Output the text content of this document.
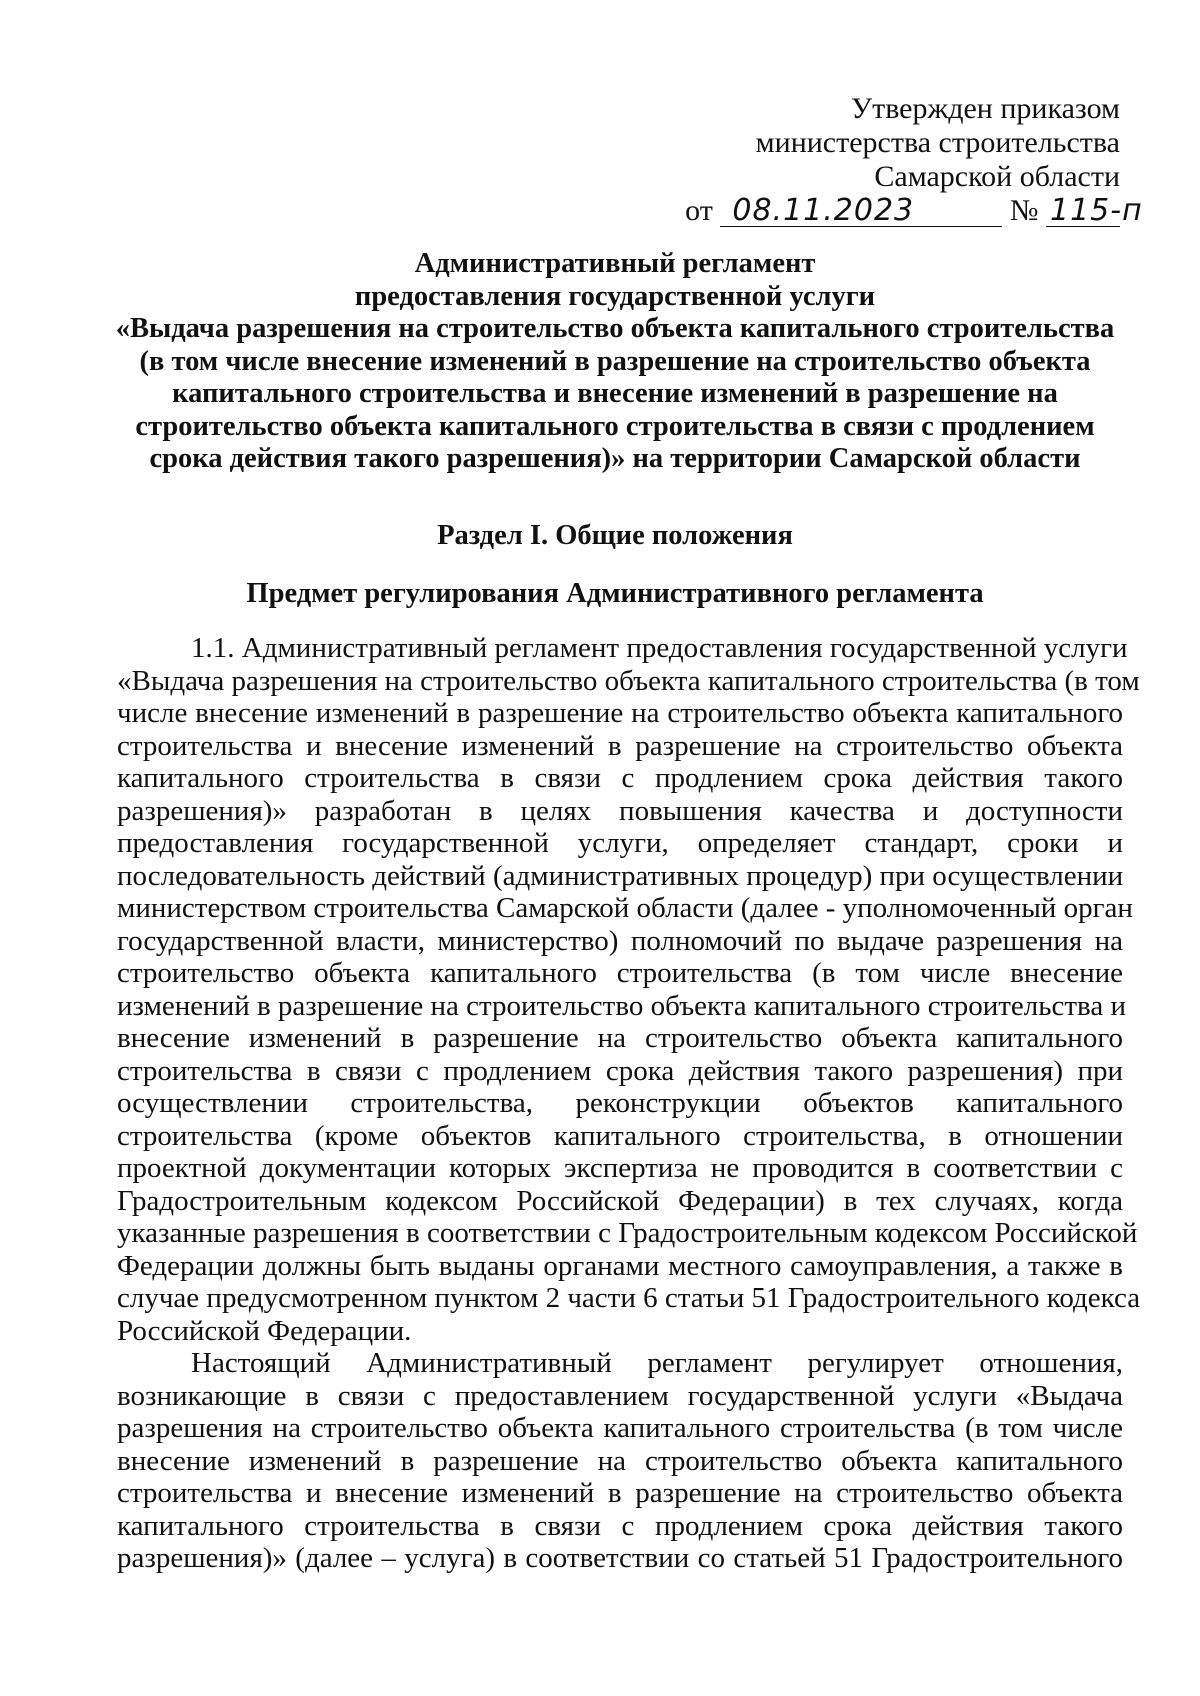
Утвержден приказом
министерства строительства
Самарской области
от 08.11.2023	№ 115-п
Административный регламент
предоставления государственной услуги
«Выдача разрешения на строительство объекта капитального строительства
(в том числе внесение изменений в разрешение на строительство объекта
капитального строительства и внесение изменений в разрешение на
строительство объекта капитального строительства в связи с продлением
срока действия такого разрешения)» на территории Самарской области
Раздел I. Общие положения
Предмет регулирования Административного регламента
1.1. Административный регламент предоставления государственной услуги
«Выдача разрешения на строительство объекта капитального строительства (в том
числе внесение изменений в разрешение на строительство объекта капитального
строительства и внесение изменений в разрешение на строительство объекта
капитального строительства в связи с продлением срока действия такого
разрешения)» разработан в целях повышения качества и доступности
предоставления государственной услуги, определяет стандарт, сроки и
последовательность действий (административных процедур) при осуществлении
министерством строительства Самарской области (далее - уполномоченный орган
государственной власти, министерство) полномочий по выдаче разрешения на
строительство объекта капитального строительства (в том числе внесение
изменений в разрешение на строительство объекта капитального строительства и
внесение изменений в разрешение на строительство объекта капитального
строительства в связи с продлением срока действия такого разрешения) при
осуществлении строительства, реконструкции объектов капитального
строительства (кроме объектов капитального строительства, в отношении
проектной документации которых экспертиза не проводится в соответствии с
Градостроительным кодексом Российской Федерации) в тех случаях, когда
указанные разрешения в соответствии с Градостроительным кодексом Российской
Федерации должны быть выданы органами местного самоуправления, а также в
случае предусмотренном пунктом 2 части 6 статьи 51 Градостроительного кодекса
Российской Федерации.
Настоящий Административный регламент регулирует отношения,
возникающие в связи с предоставлением государственной услуги «Выдача
разрешения на строительство объекта капитального строительства (в том числе
внесение изменений в разрешение на строительство объекта капитального
строительства и внесение изменений в разрешение на строительство объекта
капитального строительства в связи с продлением срока действия такого
разрешения)» (далее – услуга) в соответствии со статьей 51 Градостроительного
